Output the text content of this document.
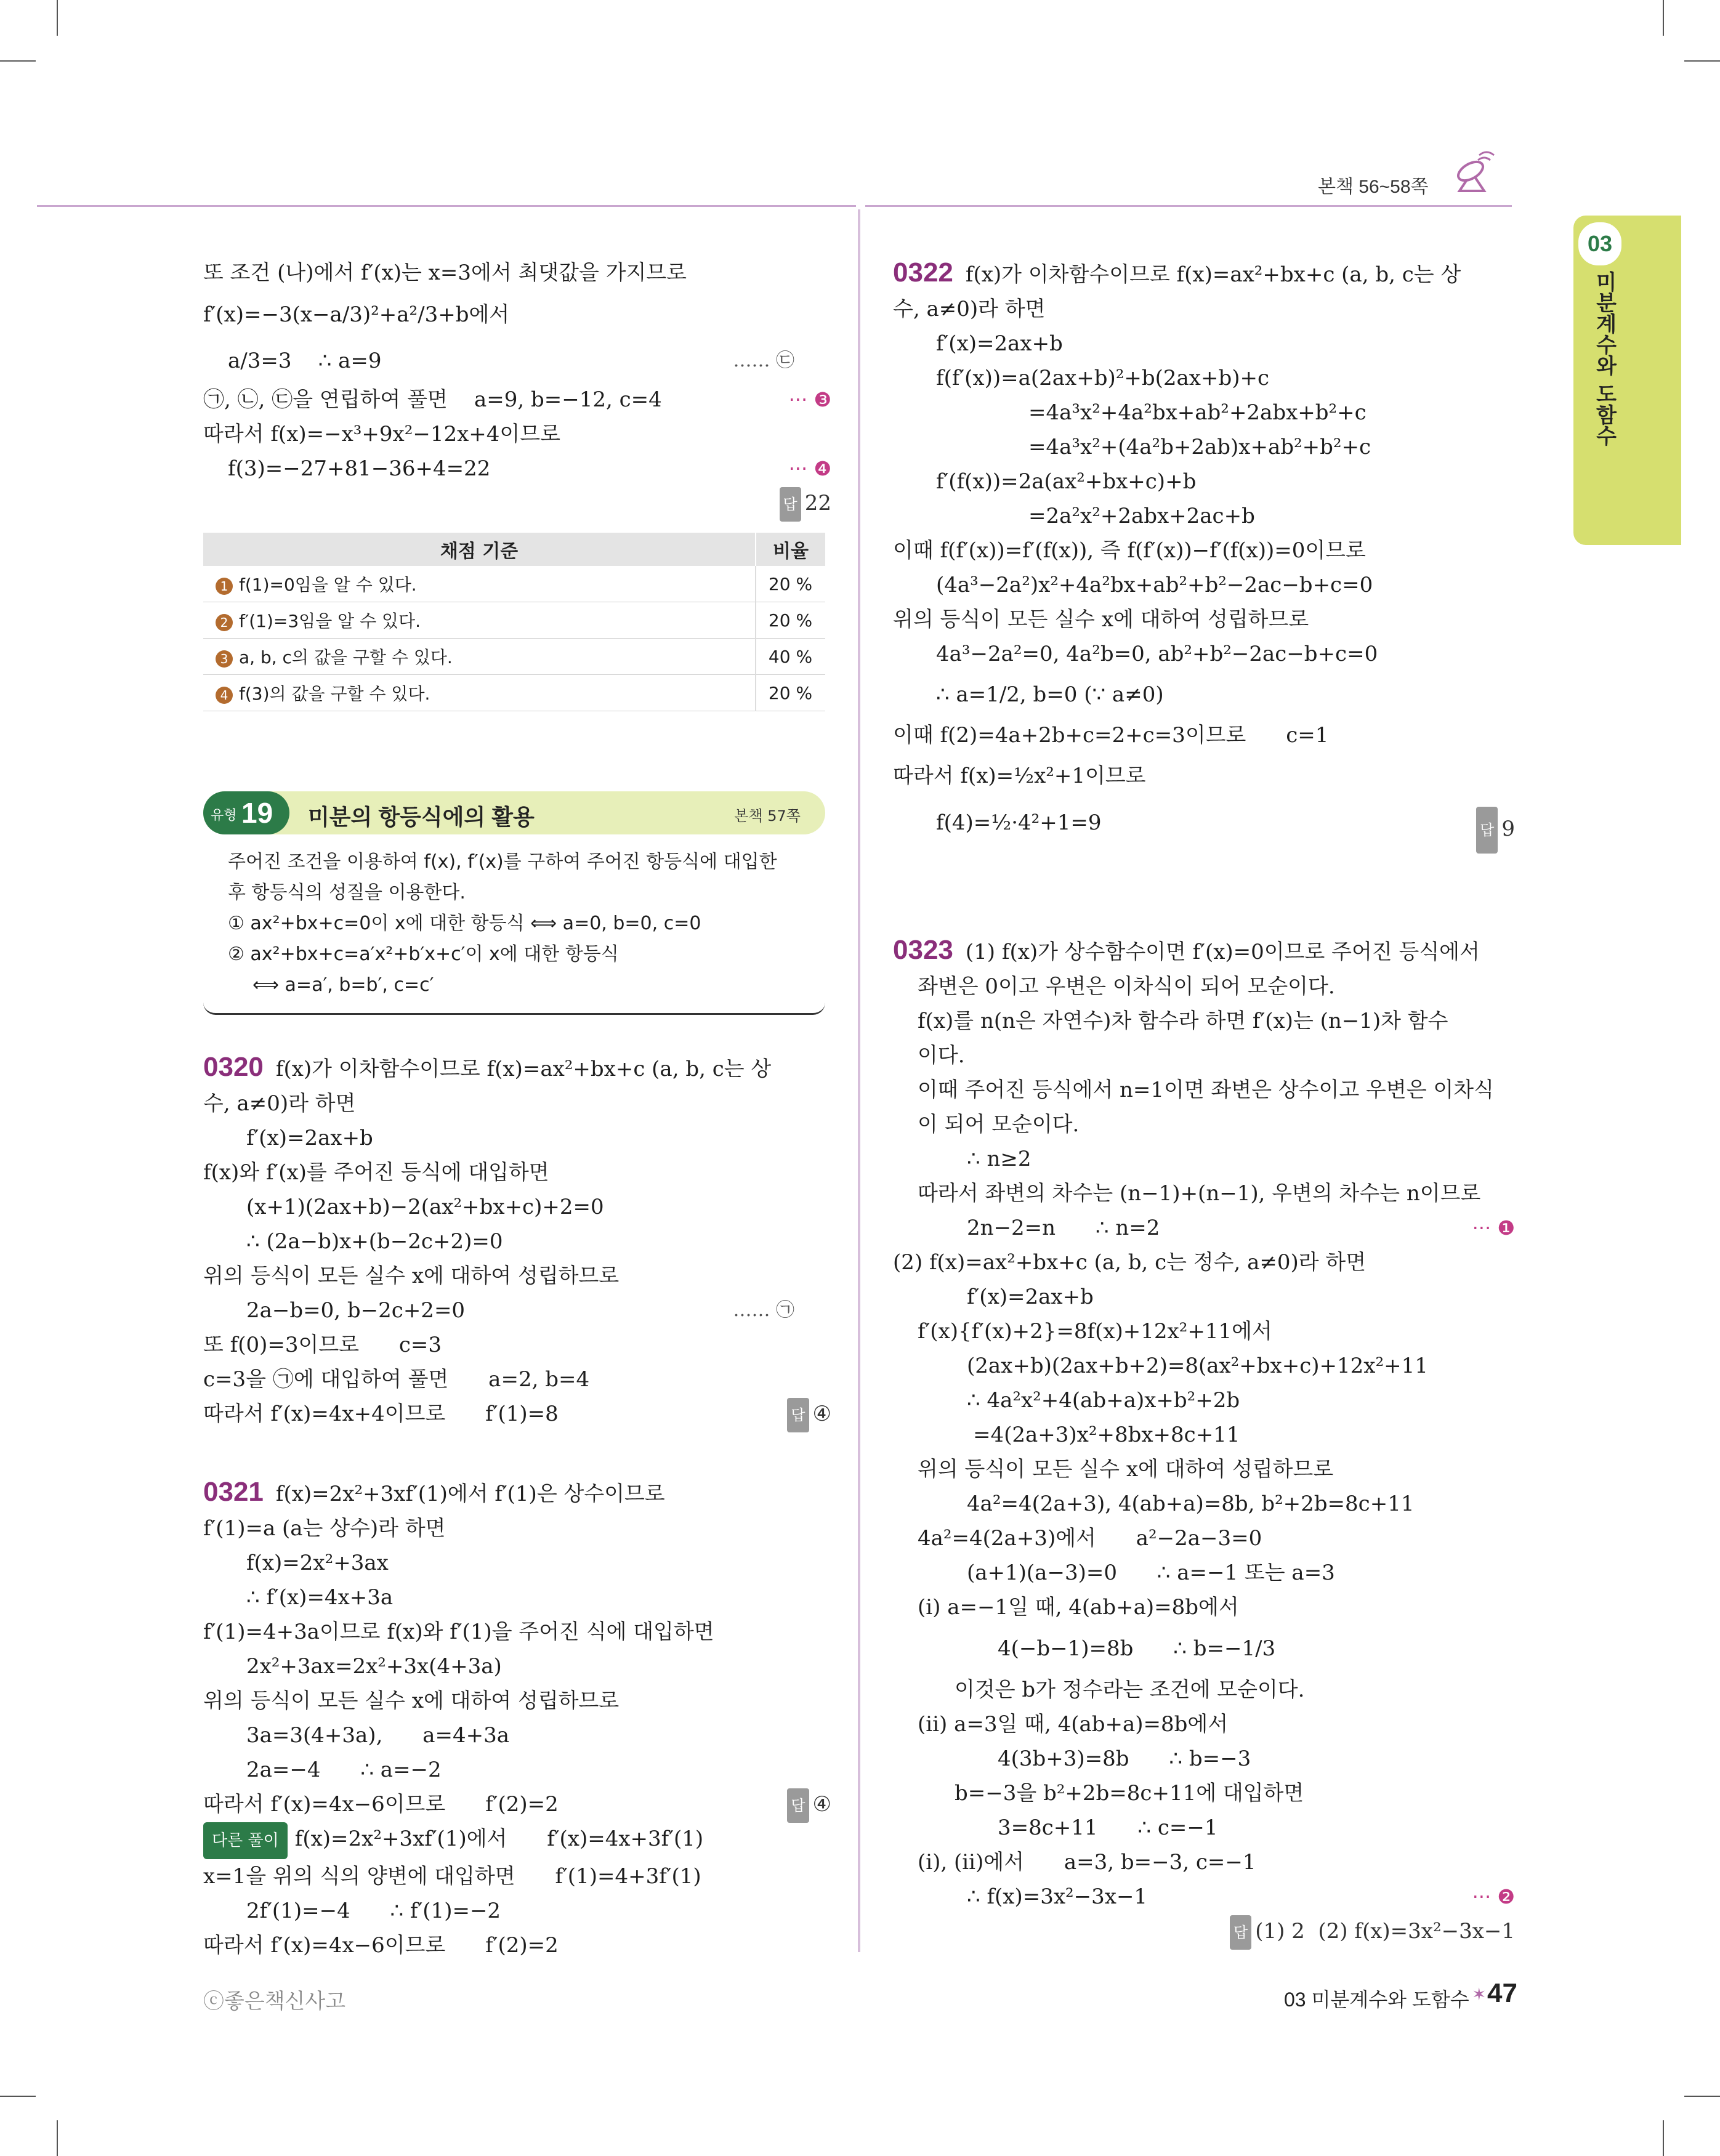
본책 56~58쪽
03
미분계수와 도함수
또 조건 (나)에서 f′(x)는 x=3에서 최댓값을 가지므로
f′(x)=−3(x−a/3)²+a²/3+b에서
a/3=3    ∴ a=9	…… ㉢
㉠, ㉡, ㉢을 연립하여 풀면    a=9, b=−12, c=4	··· ❸
따라서 f(x)=−x³+9x²−12x+4이므로
f(3)=−27+81−36+4=22	··· ❹
답 22

채점 기준	비율
1 f(1)=0임을 알 수 있다.	20 %
2 f′(1)=3임을 알 수 있다.	20 %
3 a, b, c의 값을 구할 수 있다.	40 %
4 f(3)의 값을 구할 수 있다.	20 %
유형 19 미분의 항등식에의 활용	본책 57쪽
주어진 조건을 이용하여 f(x), f′(x)를 구하여 주어진 항등식에 대입한
후 항등식의 성질을 이용한다.
① ax²+bx+c=0이 x에 대한 항등식 ⟺ a=0, b=0, c=0
② ax²+bx+c=a′x²+b′x+c′이 x에 대한 항등식
⟺ a=a′, b=b′, c=c′
0320 f(x)가 이차함수이므로 f(x)=ax²+bx+c (a, b, c는 상
수, a≠0)라 하면
f′(x)=2ax+b
f(x)와 f′(x)를 주어진 등식에 대입하면
(x+1)(2ax+b)−2(ax²+bx+c)+2=0
∴ (2a−b)x+(b−2c+2)=0
위의 등식이 모든 실수 x에 대하여 성립하므로
2a−b=0, b−2c+2=0	…… ㉠
또 f(0)=3이므로      c=3
c=3을 ㉠에 대입하여 풀면      a=2, b=4
따라서 f′(x)=4x+4이므로      f′(1)=8	답 ④
0321 f(x)=2x²+3xf′(1)에서 f′(1)은 상수이므로
f′(1)=a (a는 상수)라 하면
f(x)=2x²+3ax
∴ f′(x)=4x+3a
f′(1)=4+3a이므로 f(x)와 f′(1)을 주어진 식에 대입하면
2x²+3ax=2x²+3x(4+3a)
위의 등식이 모든 실수 x에 대하여 성립하므로
3a=3(4+3a),      a=4+3a
2a=−4      ∴ a=−2
따라서 f′(x)=4x−6이므로      f′(2)=2	답 ④
다른 풀이 f(x)=2x²+3xf′(1)에서      f′(x)=4x+3f′(1)
x=1을 위의 식의 양변에 대입하면      f′(1)=4+3f′(1)
2f′(1)=−4      ∴ f′(1)=−2
따라서 f′(x)=4x−6이므로      f′(2)=2
0322 f(x)가 이차함수이므로 f(x)=ax²+bx+c (a, b, c는 상
수, a≠0)라 하면
f′(x)=2ax+b
f(f′(x))=a(2ax+b)²+b(2ax+b)+c
=4a³x²+4a²bx+ab²+2abx+b²+c
=4a³x²+(4a²b+2ab)x+ab²+b²+c
f′(f(x))=2a(ax²+bx+c)+b
=2a²x²+2abx+2ac+b
이때 f(f′(x))=f′(f(x)), 즉 f(f′(x))−f′(f(x))=0이므로
(4a³−2a²)x²+4a²bx+ab²+b²−2ac−b+c=0
위의 등식이 모든 실수 x에 대하여 성립하므로
4a³−2a²=0, 4a²b=0, ab²+b²−2ac−b+c=0
∴ a=1/2, b=0 (∵ a≠0)
이때 f(2)=4a+2b+c=2+c=3이므로      c=1
따라서 f(x)=½x²+1이므로
f(4)=½·4²+1=9	답 9
0323 (1) f(x)가 상수함수이면 f′(x)=0이므로 주어진 등식에서
좌변은 0이고 우변은 이차식이 되어 모순이다.
f(x)를 n(n은 자연수)차 함수라 하면 f′(x)는 (n−1)차 함수
이다.
이때 주어진 등식에서 n=1이면 좌변은 상수이고 우변은 이차식
이 되어 모순이다.
∴ n≥2
따라서 좌변의 차수는 (n−1)+(n−1), 우변의 차수는 n이므로
2n−2=n      ∴ n=2	··· ❶
(2) f(x)=ax²+bx+c (a, b, c는 정수, a≠0)라 하면
f′(x)=2ax+b
f′(x){f′(x)+2}=8f(x)+12x²+11에서
(2ax+b)(2ax+b+2)=8(ax²+bx+c)+12x²+11
∴ 4a²x²+4(ab+a)x+b²+2b
=4(2a+3)x²+8bx+8c+11
위의 등식이 모든 실수 x에 대하여 성립하므로
4a²=4(2a+3), 4(ab+a)=8b, b²+2b=8c+11
4a²=4(2a+3)에서      a²−2a−3=0
(a+1)(a−3)=0      ∴ a=−1 또는 a=3
(ⅰ) a=−1일 때, 4(ab+a)=8b에서
4(−b−1)=8b      ∴ b=−1/3
이것은 b가 정수라는 조건에 모순이다.
(ⅱ) a=3일 때, 4(ab+a)=8b에서
4(3b+3)=8b      ∴ b=−3
b=−3을 b²+2b=8c+11에 대입하면
3=8c+11      ∴ c=−1
(ⅰ), (ⅱ)에서      a=3, b=−3, c=−1
∴ f(x)=3x²−3x−1	··· ❷
답 (1) 2  (2) f(x)=3x²−3x−1

ⓒ좋은책신사고	03 미분계수와 도함수 ✶ 47
